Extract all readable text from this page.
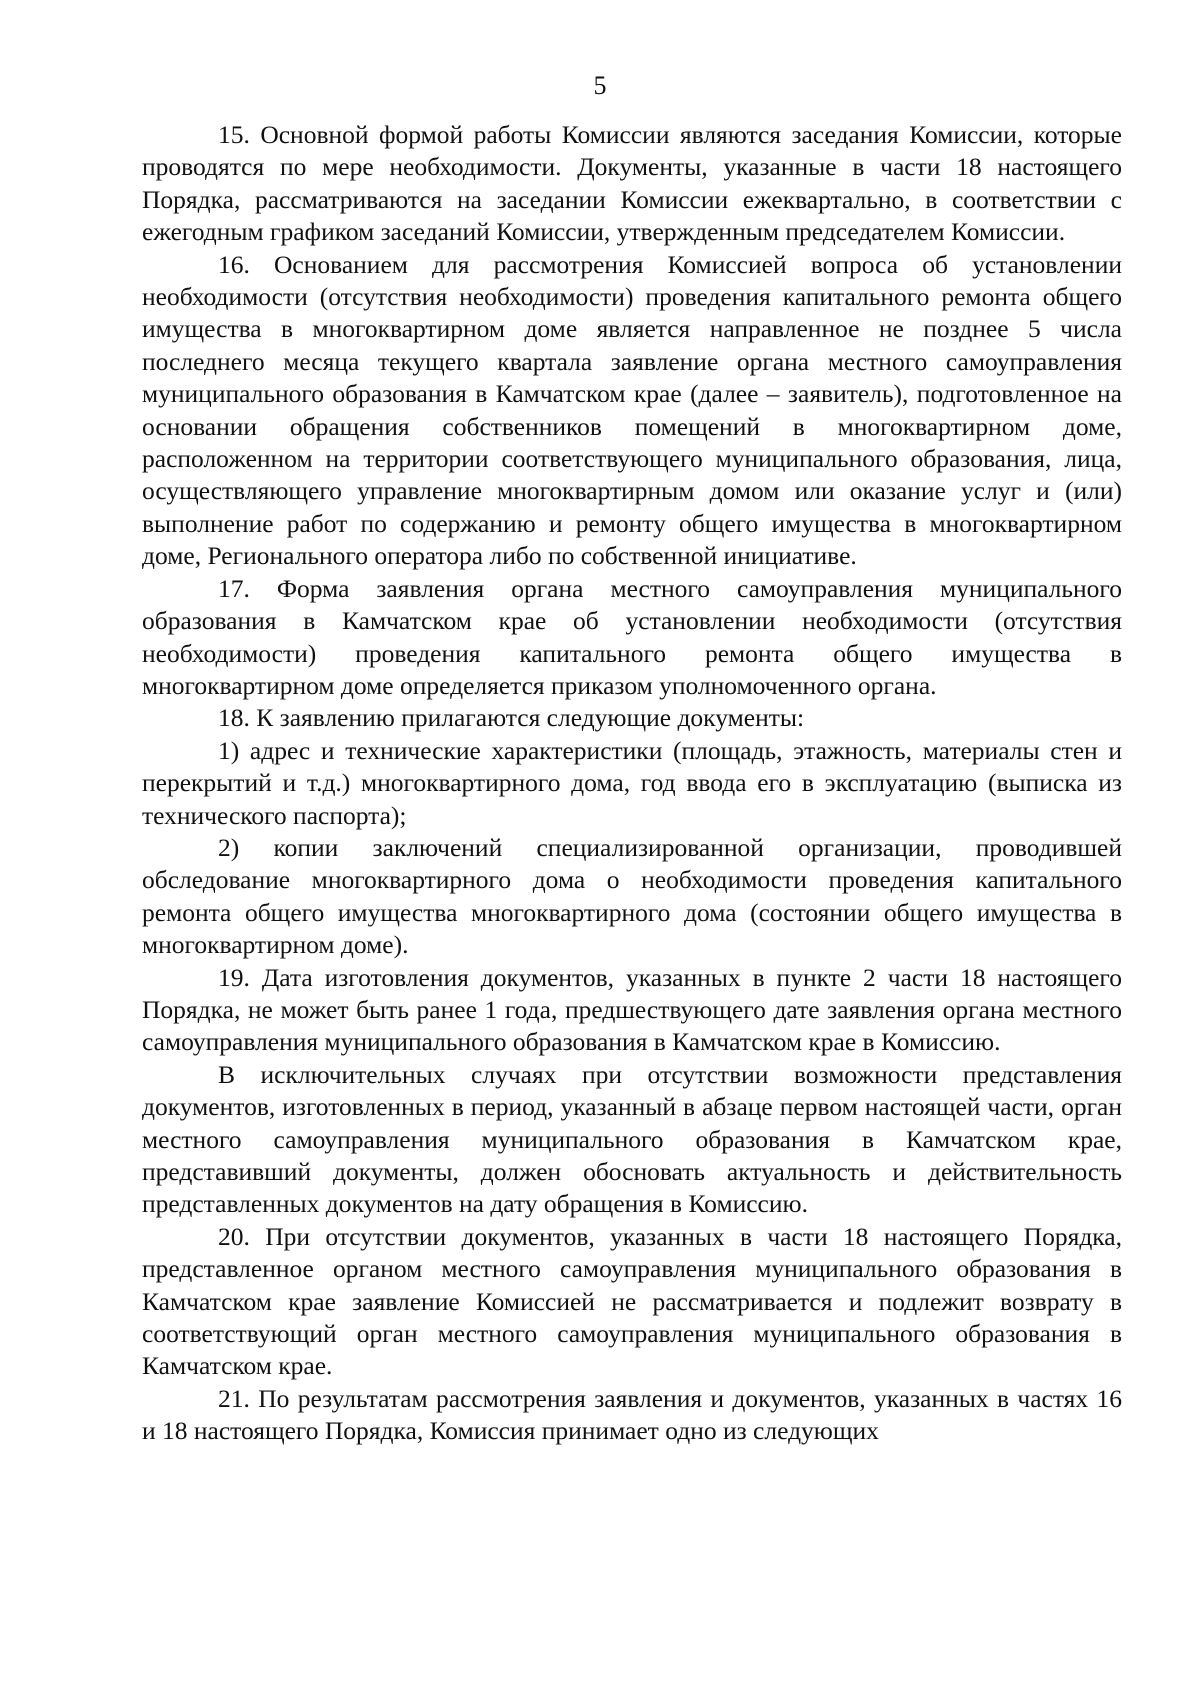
5

15. Основной формой работы Комиссии являются заседания Комиссии, которые проводятся по мере необходимости. Документы, указанные в части 18 настоящего Порядка, рассматриваются на заседании Комиссии ежеквартально, в соответствии с ежегодным графиком заседаний Комиссии, утвержденным председателем Комиссии.

16. Основанием для рассмотрения Комиссией вопроса об установлении необходимости (отсутствия необходимости) проведения капитального ремонта общего имущества в многоквартирном доме является направленное не позднее 5 числа последнего месяца текущего квартала заявление органа местного самоуправления муниципального образования в Камчатском крае (далее – заявитель), подготовленное на основании обращения собственников помещений в многоквартирном доме, расположенном на территории соответствующего муниципального образования, лица, осуществляющего управление многоквартирным домом или оказание услуг и (или) выполнение работ по содержанию и ремонту общего имущества в многоквартирном доме, Регионального оператора либо по собственной инициативе.

17. Форма заявления органа местного самоуправления муниципального образования в Камчатском крае об установлении необходимости (отсутствия необходимости) проведения капитального ремонта общего имущества в многоквартирном доме определяется приказом уполномоченного органа.

18. К заявлению прилагаются следующие документы:

1) адрес и технические характеристики (площадь, этажность, материалы стен и перекрытий и т.д.) многоквартирного дома, год ввода его в эксплуатацию (выписка из технического паспорта);

2) копии заключений специализированной организации, проводившей обследование многоквартирного дома о необходимости проведения капитального ремонта общего имущества многоквартирного дома (состоянии общего имущества в многоквартирном доме).

19. Дата изготовления документов, указанных в пункте 2 части 18 настоящего Порядка, не может быть ранее 1 года, предшествующего дате заявления органа местного самоуправления муниципального образования в Камчатском крае в Комиссию.

В исключительных случаях при отсутствии возможности представления документов, изготовленных в период, указанный в абзаце первом настоящей части, орган местного самоуправления муниципального образования в Камчатском крае, представивший документы, должен обосновать актуальность и действительность представленных документов на дату обращения в Комиссию.

20. При отсутствии документов, указанных в части 18 настоящего Порядка, представленное органом местного самоуправления муниципального образования в Камчатском крае заявление Комиссией не рассматривается и подлежит возврату в соответствующий орган местного самоуправления муниципального образования в Камчатском крае.

21. По результатам рассмотрения заявления и документов, указанных в частях 16 и 18 настоящего Порядка, Комиссия принимает одно из следующих
